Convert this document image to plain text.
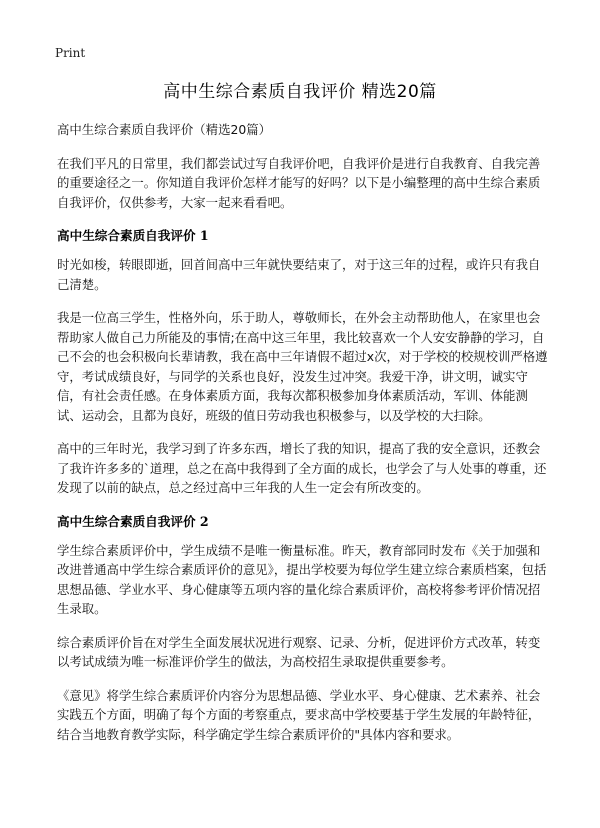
Print
高中生综合素质自我评价 精选20篇

高中生综合素质自我评价（精选20篇）

在我们平凡的日常里，我们都尝试过写自我评价吧，自我评价是进行自我教育、自我完善的重要途径之一。你知道自我评价怎样才能写的好吗？以下是小编整理的高中生综合素质自我评价，仅供参考，大家一起来看看吧。

高中生综合素质自我评价 1

时光如梭，转眼即逝，回首间高中三年就快要结束了，对于这三年的过程，或许只有我自己清楚。

我是一位高三学生，性格外向，乐于助人，尊敬师长，在外会主动帮助他人，在家里也会帮助家人做自己力所能及的事情;在高中这三年里，我比较喜欢一个人安安静静的学习，自己不会的也会积极向长辈请教，我在高中三年请假不超过x次，对于学校的校规校训严格遵守，考试成绩良好，与同学的关系也良好，没发生过冲突。我爱干净，讲文明，诚实守信，有社会责任感。在身体素质方面，我每次都积极参加身体素质活动，军训、体能测试、运动会，且都为良好，班级的值日劳动我也积极参与，以及学校的大扫除。

高中的三年时光，我学习到了许多东西，增长了我的知识，提高了我的安全意识，还教会了我许许多多的`道理，总之在高中我得到了全方面的成长，也学会了与人处事的尊重，还发现了以前的缺点，总之经过高中三年我的人生一定会有所改变的。

高中生综合素质自我评价 2

学生综合素质评价中，学生成绩不是唯一衡量标准。昨天，教育部同时发布《关于加强和改进普通高中学生综合素质评价的意见》，提出学校要为每位学生建立综合素质档案，包括思想品德、学业水平、身心健康等五项内容的量化综合素质评价，高校将参考评价情况招生录取。

综合素质评价旨在对学生全面发展状况进行观察、记录、分析，促进评价方式改革，转变以考试成绩为唯一标准评价学生的做法，为高校招生录取提供重要参考。

《意见》将学生综合素质评价内容分为思想品德、学业水平、身心健康、艺术素养、社会实践五个方面，明确了每个方面的考察重点，要求高中学校要基于学生发展的年龄特征，结合当地教育教学实际，科学确定学生综合素质评价的"具体内容和要求。
